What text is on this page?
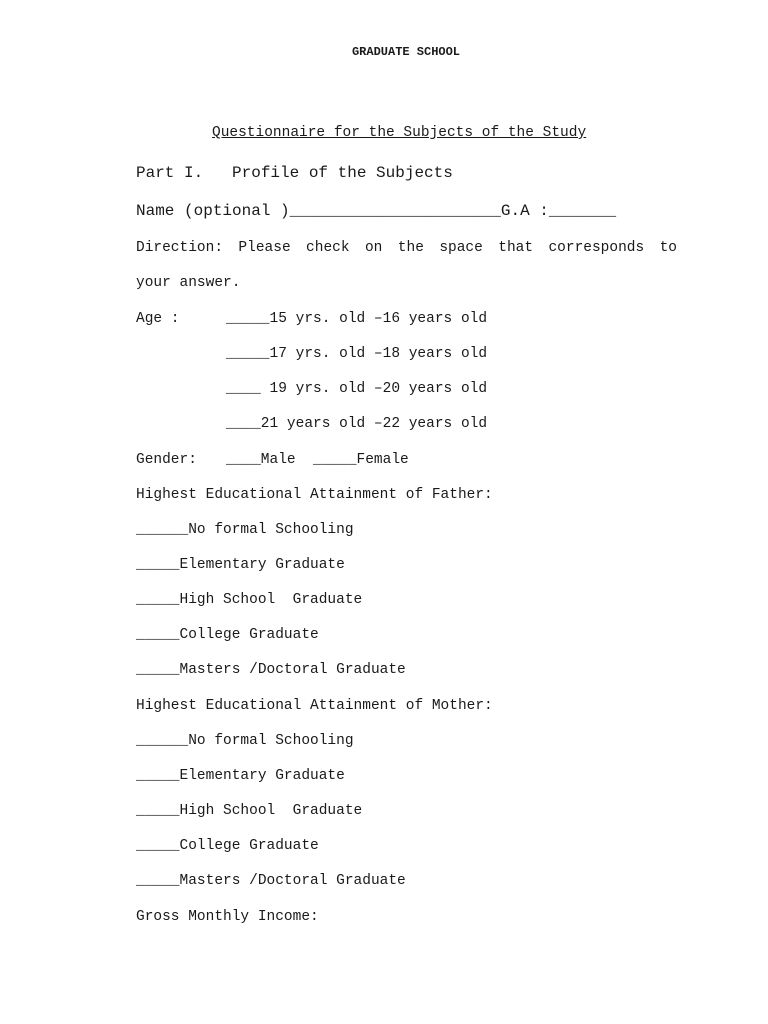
GRADUATE SCHOOL
Questionnaire for the Subjects of the Study
Part I.   Profile of the Subjects
Name (optional )______________________G.A :_______
Direction: Please check on the space that corresponds to
your answer.
Age :	_____15 yrs. old –16 years old
_____17 yrs. old –18 years old
____ 19 yrs. old –20 years old
____21 years old –22 years old
Gender: ____Male  _____Female
Highest Educational Attainment of Father:
______No formal Schooling
_____Elementary Graduate
_____High School  Graduate
_____College Graduate
_____Masters /Doctoral Graduate
Highest Educational Attainment of Mother:
______No formal Schooling
_____Elementary Graduate
_____High School  Graduate
_____College Graduate
_____Masters /Doctoral Graduate
Gross Monthly Income:
